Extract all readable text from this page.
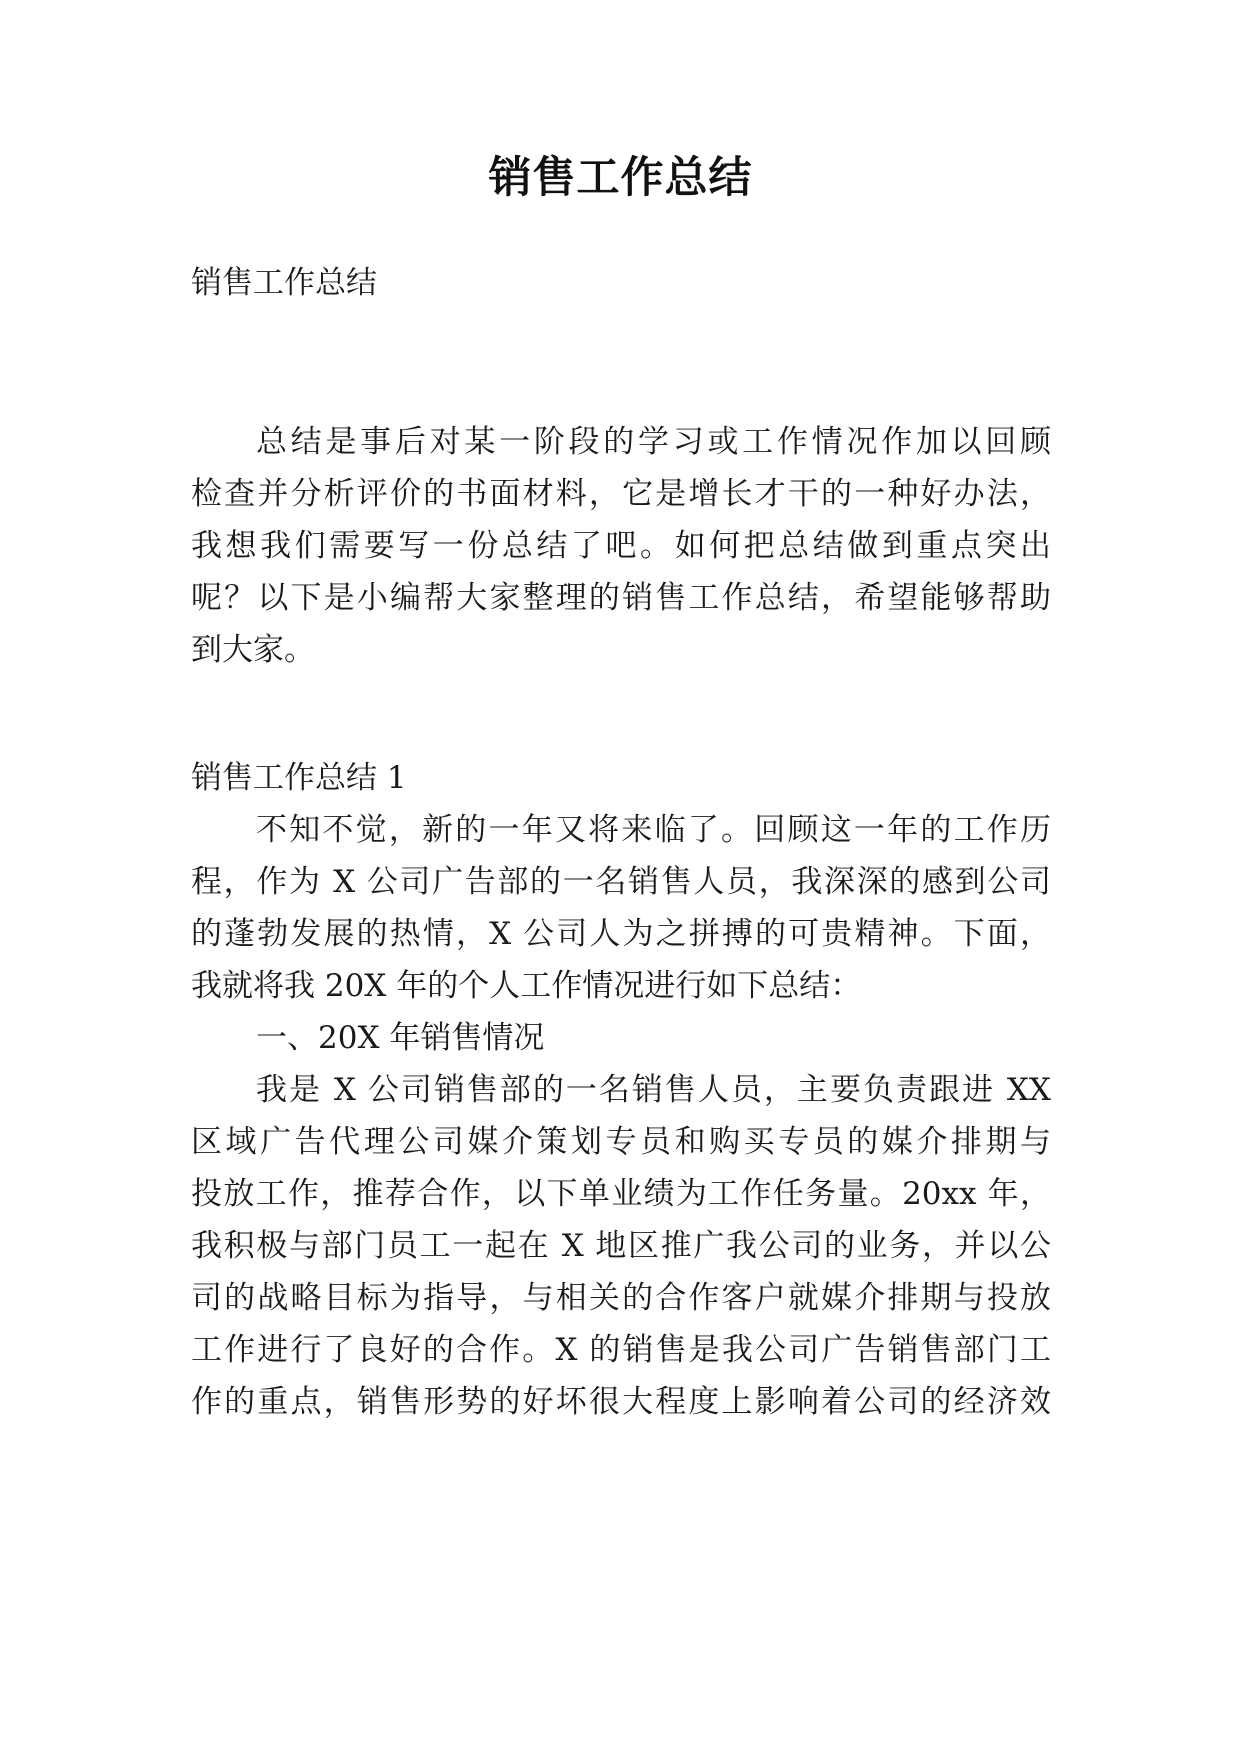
销售工作总结
销售工作总结
总结是事后对某一阶段的学习或工作情况作加以回顾
检查并分析评价的书面材料，它是增长才干的一种好办法，
我想我们需要写一份总结了吧。如何把总结做到重点突出
呢？以下是小编帮大家整理的销售工作总结，希望能够帮助
到大家。
销售工作总结 1
不知不觉，新的一年又将来临了。回顾这一年的工作历
程，作为 X 公司广告部的一名销售人员，我深深的感到公司
的蓬勃发展的热情，X 公司人为之拼搏的可贵精神。下面，
我就将我 20X 年的个人工作情况进行如下总结：
一、20X 年销售情况
我是 X 公司销售部的一名销售人员，主要负责跟进 XX
区域广告代理公司媒介策划专员和购买专员的媒介排期与
投放工作，推荐合作，以下单业绩为工作任务量。20xx 年，
我积极与部门员工一起在 X 地区推广我公司的业务，并以公
司的战略目标为指导，与相关的合作客户就媒介排期与投放
工作进行了良好的合作。X 的销售是我公司广告销售部门工
作的重点，销售形势的好坏很大程度上影响着公司的经济效
